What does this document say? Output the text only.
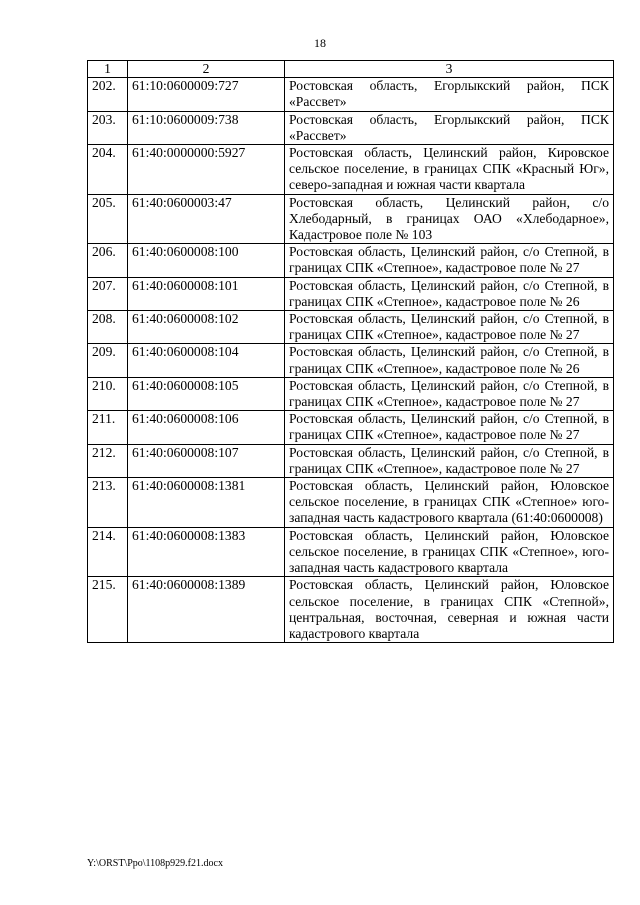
18
1	2	3
202.	61:10:0600009:727	Ростовская область, Егорлыкский район, ПСК «Рассвет»
203.	61:10:0600009:738	Ростовская область, Егорлыкский район, ПСК «Рассвет»
204.	61:40:0000000:5927	Ростовская область, Целинский район, Кировское сельское поселение, в границах СПК «Красный Юг», северо-западная и южная части квартала
205.	61:40:0600003:47	Ростовская область, Целинский район, с/о Хлебодарный, в границах ОАО «Хлебодарное», Кадастровое поле № 103
206.	61:40:0600008:100	Ростовская область, Целинский район, с/о Степной, в границах СПК «Степное», кадастровое поле № 27
207.	61:40:0600008:101	Ростовская область, Целинский район, с/о Степной, в границах СПК «Степное», кадастровое поле № 26
208.	61:40:0600008:102	Ростовская область, Целинский район, с/о Степной, в границах СПК «Степное», кадастровое поле № 27
209.	61:40:0600008:104	Ростовская область, Целинский район, с/о Степной, в границах СПК «Степное», кадастровое поле № 26
210.	61:40:0600008:105	Ростовская область, Целинский район, с/о Степной, в границах СПК «Степное», кадастровое поле № 27
211.	61:40:0600008:106	Ростовская область, Целинский район, с/о Степной, в границах СПК «Степное», кадастровое поле № 27
212.	61:40:0600008:107	Ростовская область, Целинский район, с/о Степной, в границах СПК «Степное», кадастровое поле № 27
213.	61:40:0600008:1381	Ростовская область, Целинский район, Юловское сельское поселение, в границах СПК «Степное» юго-западная часть кадастрового квартала (61:40:0600008)
214.	61:40:0600008:1383	Ростовская область, Целинский район, Юловское сельское поселение, в границах СПК «Степное», юго-западная часть кадастрового квартала
215.	61:40:0600008:1389	Ростовская область, Целинский район, Юловское сельское поселение, в границах СПК «Степной», центральная, восточная, северная и южная части кадастрового квартала
Y:\ORST\Ppo\1108p929.f21.docx
